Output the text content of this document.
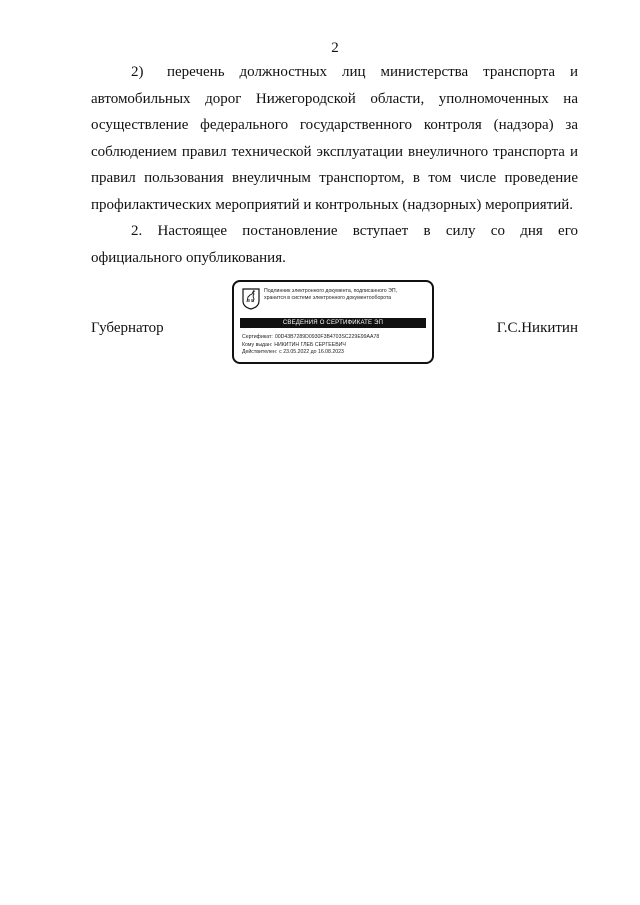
2

2) перечень должностных лиц министерства транспорта и автомобильных дорог Нижегородской области, уполномоченных на осуществление федерального государственного контроля (надзора) за соблюдением правил технической эксплуатации внеуличного транспорта и правил пользования внеуличным транспортом, в том числе проведение профилактических мероприятий и контрольных (надзорных) мероприятий.

2. Настоящее постановление вступает в силу со дня его официального опубликования.

Губернатор	Г.С.Никитин
Подлинник электронного документа, подписанного ЭП,
хранится в системе электронного документооборота
СВЕДЕНИЯ О СЕРТИФИКАТЕ ЭП
Сертификат: 00D43B7289D0930F3B4703SC229E99AA78
Кому выдан: НИКИТИН ГЛЕБ СЕРГЕЕВИЧ
Действителен: с 23.05.2022 до 16.08.2023
